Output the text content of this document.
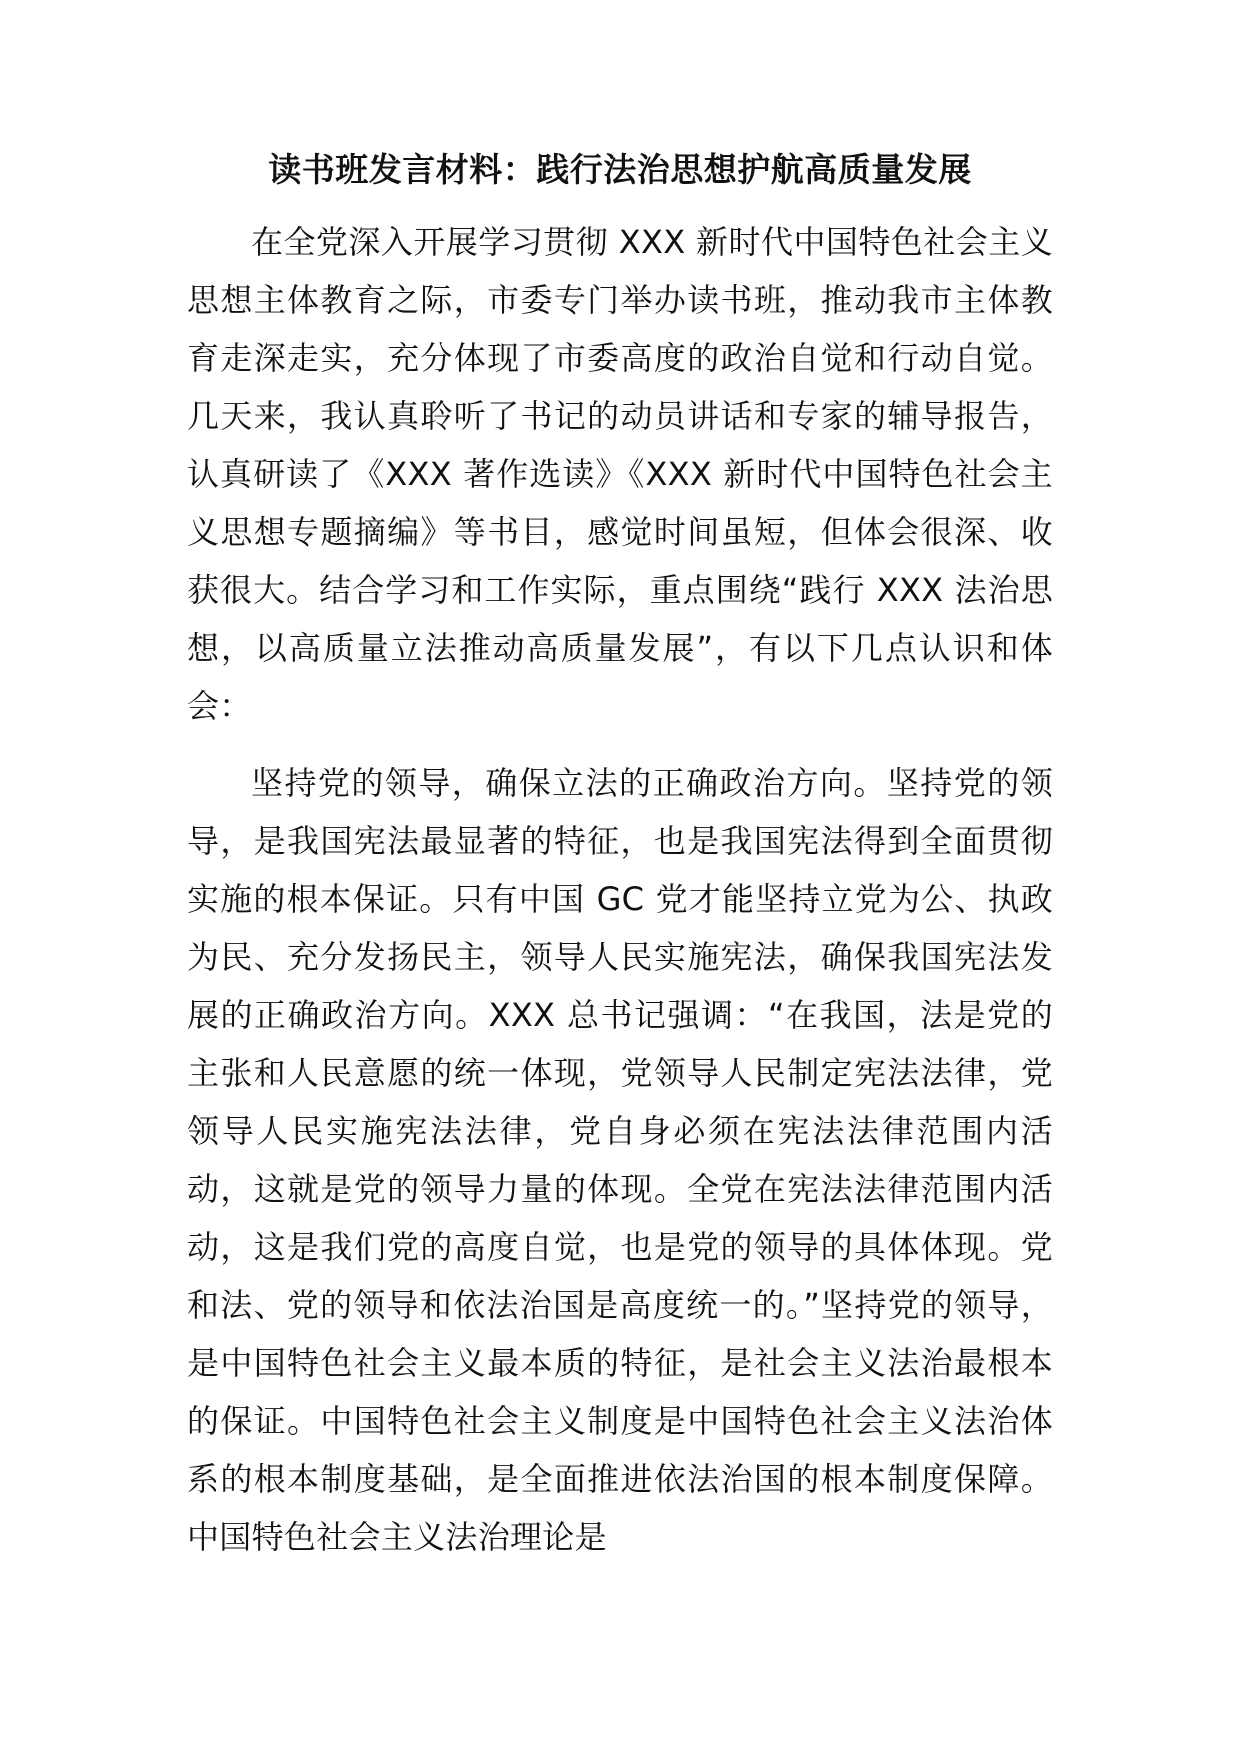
读书班发言材料：践行法治思想护航高质量发展

在全党深入开展学习贯彻 XXX 新时代中国特色社会主义思想主体教育之际，市委专门举办读书班，推动我市主体教育走深走实，充分体现了市委高度的政治自觉和行动自觉。几天来，我认真聆听了书记的动员讲话和专家的辅导报告，认真研读了《XXX 著作选读》《XXX 新时代中国特色社会主义思想专题摘编》等书目，感觉时间虽短，但体会很深、收获很大。结合学习和工作实际，重点围绕“践行 XXX 法治思想，以高质量立法推动高质量发展”，有以下几点认识和体会：

坚持党的领导，确保立法的正确政治方向。坚持党的领导，是我国宪法最显著的特征，也是我国宪法得到全面贯彻实施的根本保证。只有中国 GC 党才能坚持立党为公、执政为民、充分发扬民主，领导人民实施宪法，确保我国宪法发展的正确政治方向。XXX 总书记强调：“在我国，法是党的主张和人民意愿的统一体现，党领导人民制定宪法法律，党领导人民实施宪法法律，党自身必须在宪法法律范围内活动，这就是党的领导力量的体现。全党在宪法法律范围内活动，这是我们党的高度自觉，也是党的领导的具体体现。党和法、党的领导和依法治国是高度统一的。”坚持党的领导，是中国特色社会主义最本质的特征，是社会主义法治最根本的保证。中国特色社会主义制度是中国特色社会主义法治体系的根本制度基础，是全面推进依法治国的根本制度保障。中国特色社会主义法治理论是
